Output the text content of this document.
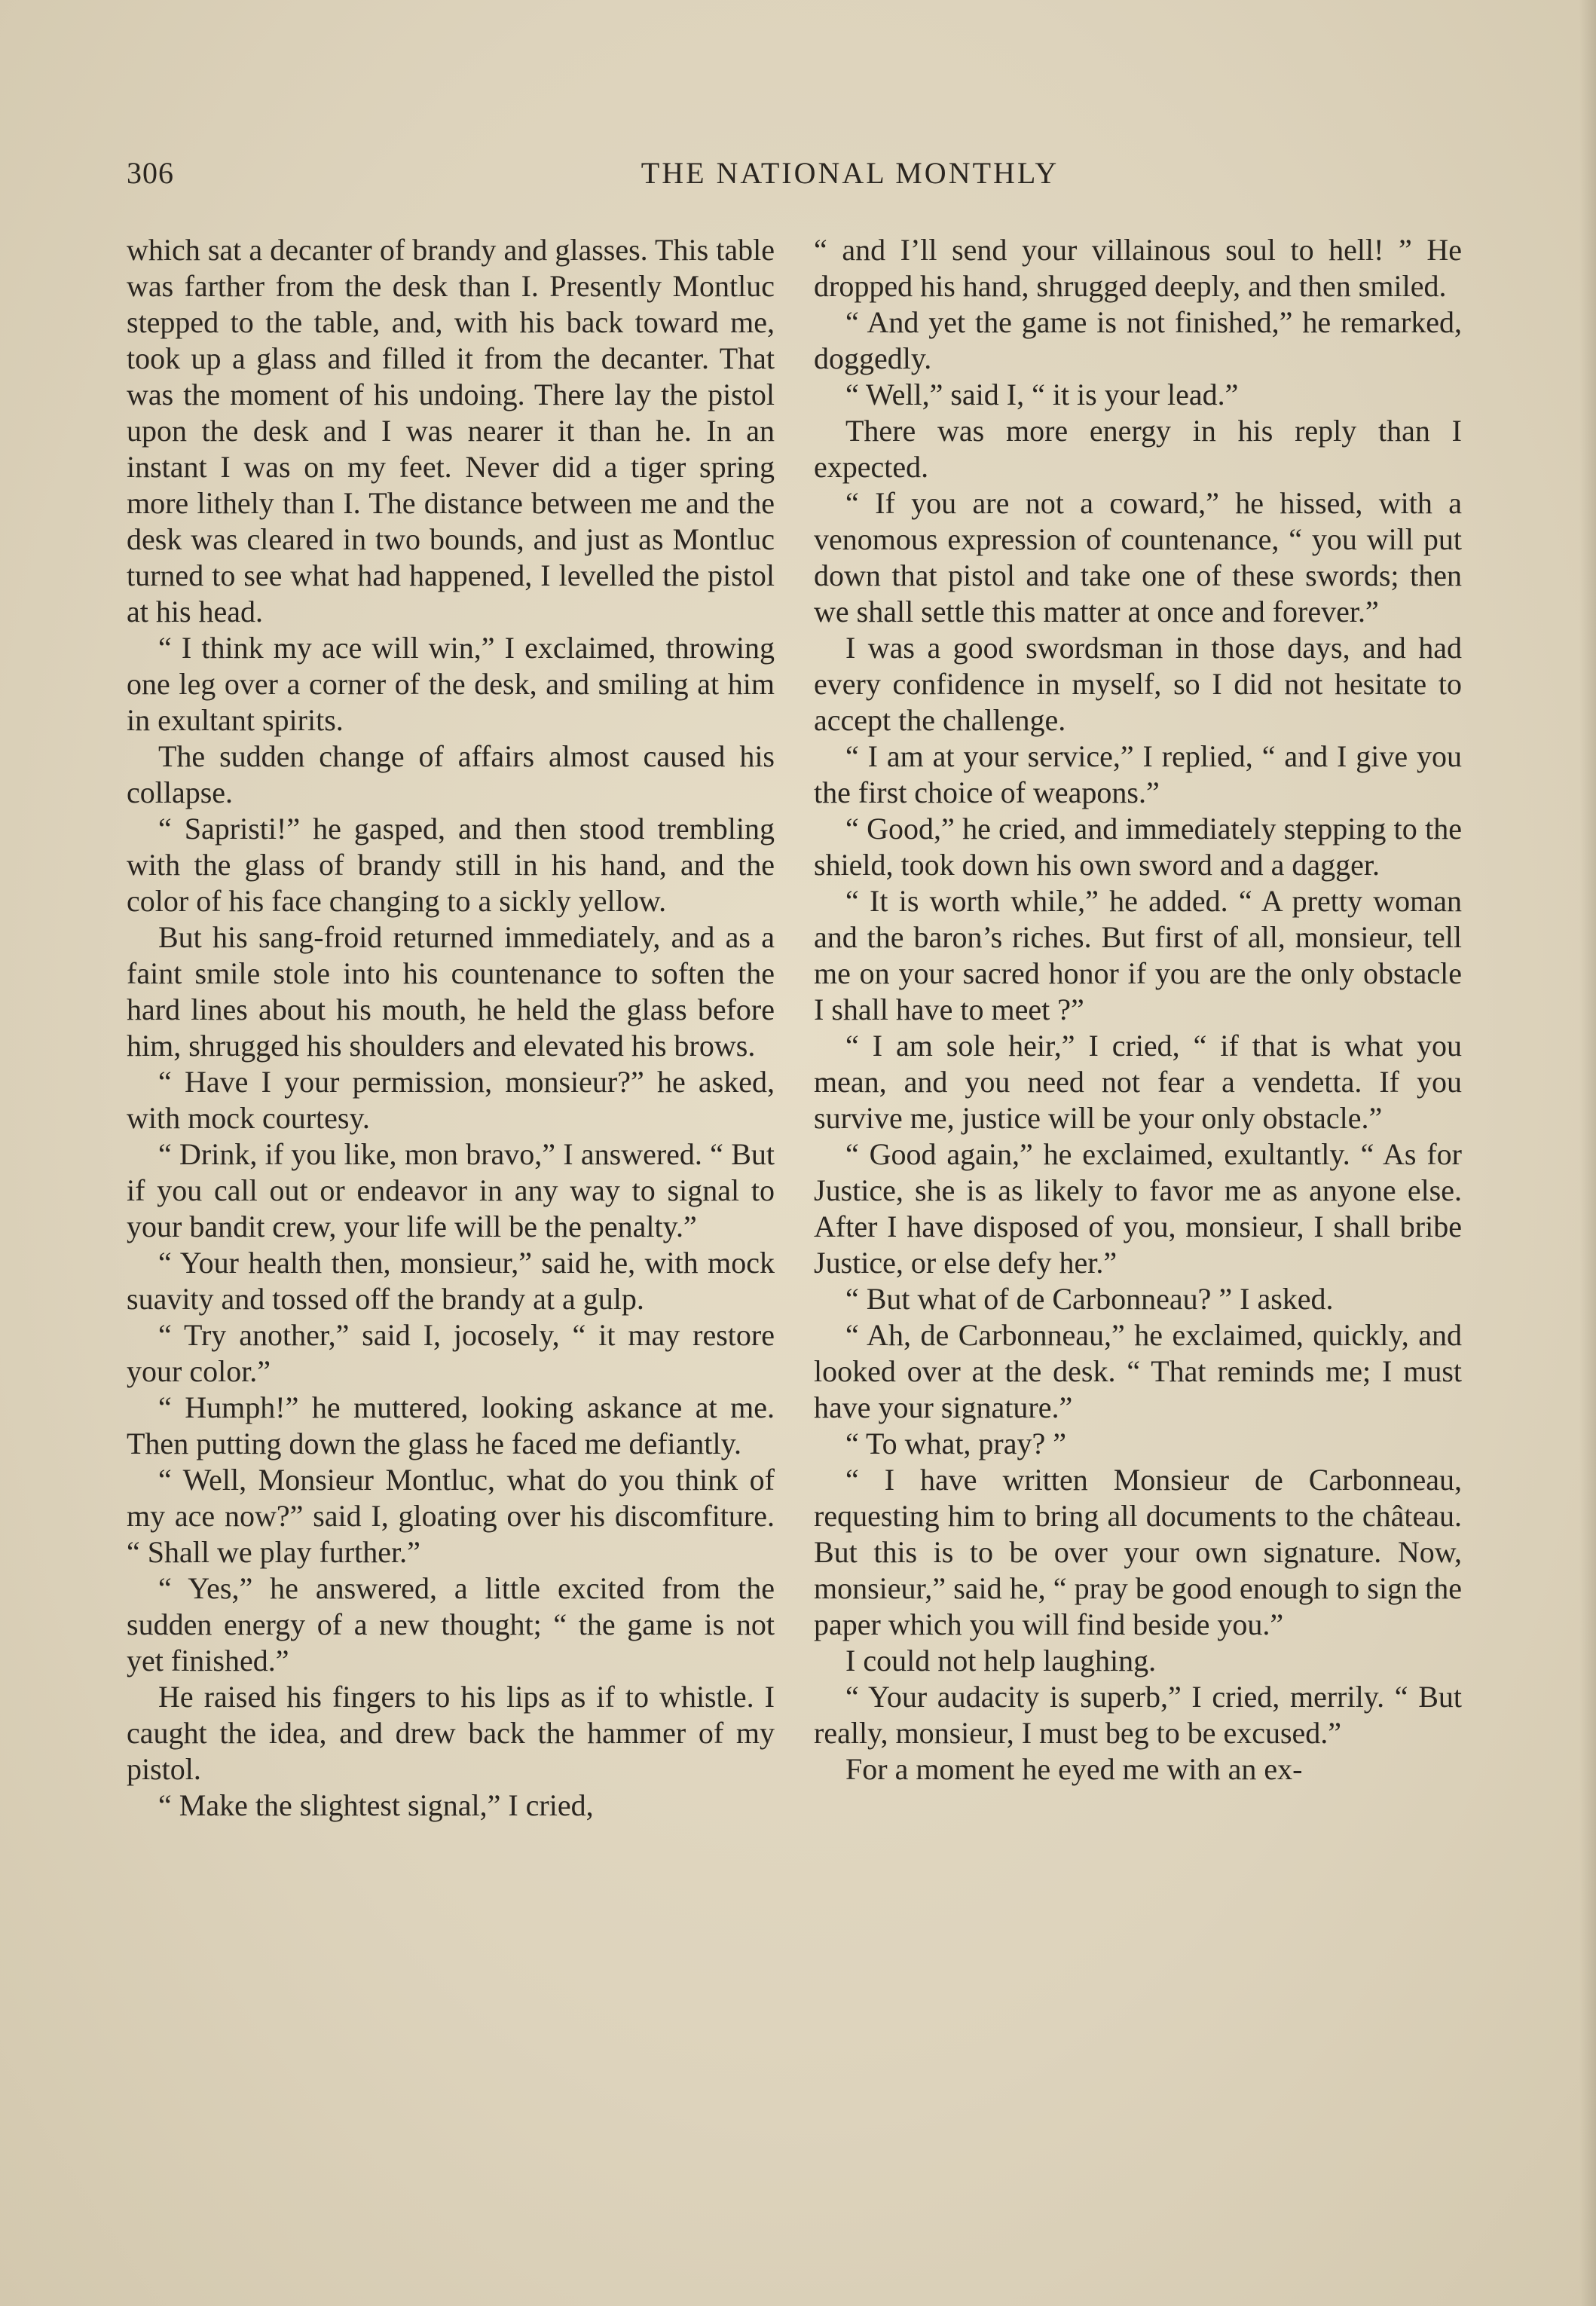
306	THE NATIONAL MONTHLY

which sat a decanter of brandy and glasses. This table was farther from the desk than I. Presently Montluc stepped to the table, and, with his back toward me, took up a glass and filled it from the decanter. That was the moment of his undoing. There lay the pistol upon the desk and I was nearer it than he. In an instant I was on my feet. Never did a tiger spring more lithely than I. The distance between me and the desk was cleared in two bounds, and just as Montluc turned to see what had happened, I levelled the pistol at his head.

“ I think my ace will win,” I exclaimed, throwing one leg over a corner of the desk, and smiling at him in exultant spirits.

The sudden change of affairs almost caused his collapse.

“ Sapristi!” he gasped, and then stood trembling with the glass of brandy still in his hand, and the color of his face changing to a sickly yellow.

But his sang-froid returned immediately, and as a faint smile stole into his countenance to soften the hard lines about his mouth, he held the glass before him, shrugged his shoulders and elevated his brows.

“ Have I your permission, monsieur?” he asked, with mock courtesy.

“ Drink, if you like, mon bravo,” I answered. “ But if you call out or endeavor in any way to signal to your bandit crew, your life will be the penalty.”

“ Your health then, monsieur,” said he, with mock suavity and tossed off the brandy at a gulp.

“ Try another,” said I, jocosely, “ it may restore your color.”

“ Humph!” he muttered, looking askance at me. Then putting down the glass he faced me defiantly.

“ Well, Monsieur Montluc, what do you think of my ace now?” said I, gloating over his discomfiture. “ Shall we play further.”

“ Yes,” he answered, a little excited from the sudden energy of a new thought; “ the game is not yet finished.”

He raised his fingers to his lips as if to whistle. I caught the idea, and drew back the hammer of my pistol.

“ Make the slightest signal,” I cried,

“ and I’ll send your villainous soul to hell! ” He dropped his hand, shrugged deeply, and then smiled.

“ And yet the game is not finished,” he remarked, doggedly.

“ Well,” said I, “ it is your lead.”

There was more energy in his reply than I expected.

“ If you are not a coward,” he hissed, with a venomous expression of countenance, “ you will put down that pistol and take one of these swords; then we shall settle this matter at once and forever.”

I was a good swordsman in those days, and had every confidence in myself, so I did not hesitate to accept the challenge.

“ I am at your service,” I replied, “ and I give you the first choice of weapons.”

“ Good,” he cried, and immediately stepping to the shield, took down his own sword and a dagger.

“ It is worth while,” he added. “ A pretty woman and the baron’s riches. But first of all, monsieur, tell me on your sacred honor if you are the only obstacle I shall have to meet ?”

“ I am sole heir,” I cried, “ if that is what you mean, and you need not fear a vendetta. If you survive me, justice will be your only obstacle.”

“ Good again,” he exclaimed, exultantly. “ As for Justice, she is as likely to favor me as anyone else. After I have disposed of you, monsieur, I shall bribe Justice, or else defy her.”

“ But what of de Carbonneau? ” I asked.

“ Ah, de Carbonneau,” he exclaimed, quickly, and looked over at the desk. “ That reminds me; I must have your signature.”

“ To what, pray? ”

“ I have written Monsieur de Carbonneau, requesting him to bring all documents to the château. But this is to be over your own signature. Now, monsieur,” said he, “ pray be good enough to sign the paper which you will find beside you.”

I could not help laughing.

“ Your audacity is superb,” I cried, merrily. “ But really, monsieur, I must beg to be excused.”

For a moment he eyed me with an ex-
